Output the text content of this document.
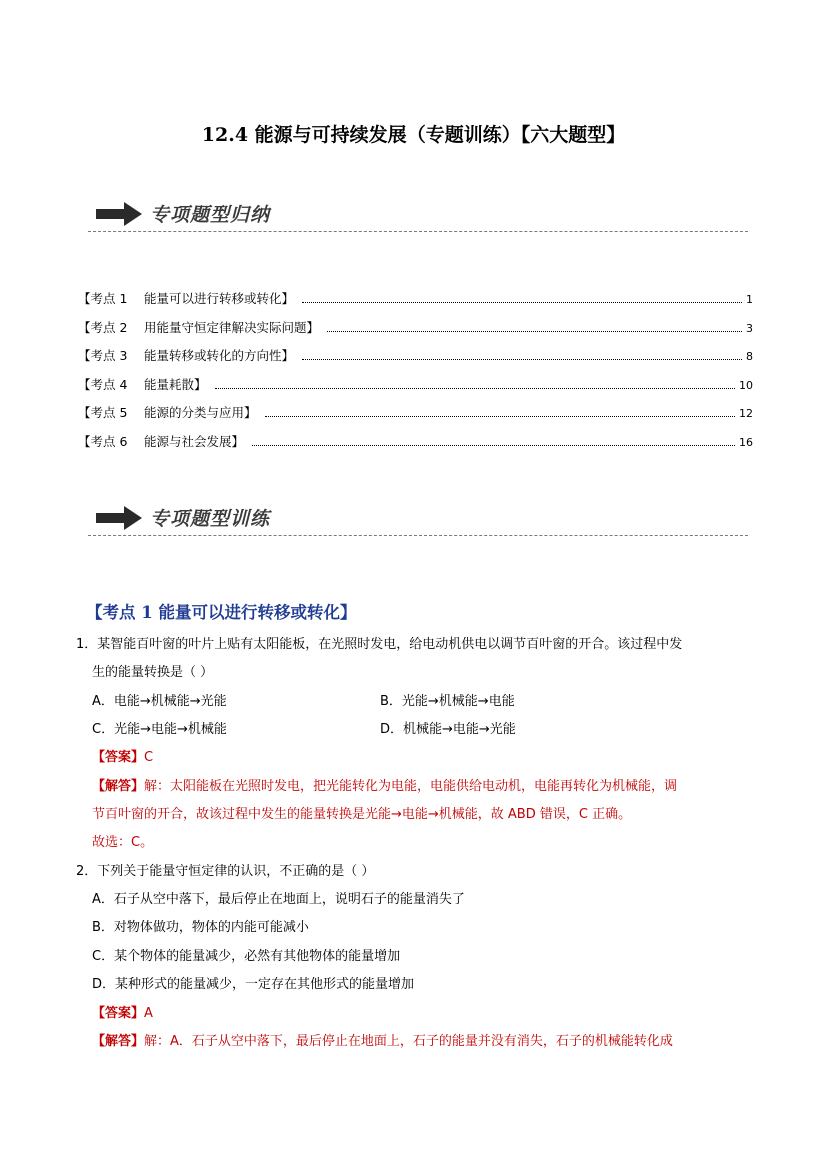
12.4 能源与可持续发展（专题训练）【六大题型】
专项题型归纳
【考点 1	能量可以进行转移或转化】	1
【考点 2	用能量守恒定律解决实际问题】	3
【考点 3	能量转移或转化的方向性】	8
【考点 4	能量耗散】	10
【考点 5	能源的分类与应用】	12
【考点 6	能源与社会发展】	16
专项题型训练
【考点 1 能量可以进行转移或转化】
1．某智能百叶窗的叶片上贴有太阳能板，在光照时发电，给电动机供电以调节百叶窗的开合。该过程中发
生的能量转换是（ ）
A．电能→机械能→光能	B．光能→机械能→电能
C．光能→电能→机械能	D．机械能→电能→光能
【答案】C
【解答】解：太阳能板在光照时发电，把光能转化为电能，电能供给电动机，电能再转化为机械能，调
节百叶窗的开合，故该过程中发生的能量转换是光能→电能→机械能，故 ABD 错误，C 正确。
故选：C。
2．下列关于能量守恒定律的认识，不正确的是（ ）
A．石子从空中落下，最后停止在地面上，说明石子的能量消失了
B．对物体做功，物体的内能可能减小
C．某个物体的能量减少，必然有其他物体的能量增加
D．某种形式的能量减少，一定存在其他形式的能量增加
【答案】A
【解答】解：A．石子从空中落下，最后停止在地面上，石子的能量并没有消失，石子的机械能转化成
